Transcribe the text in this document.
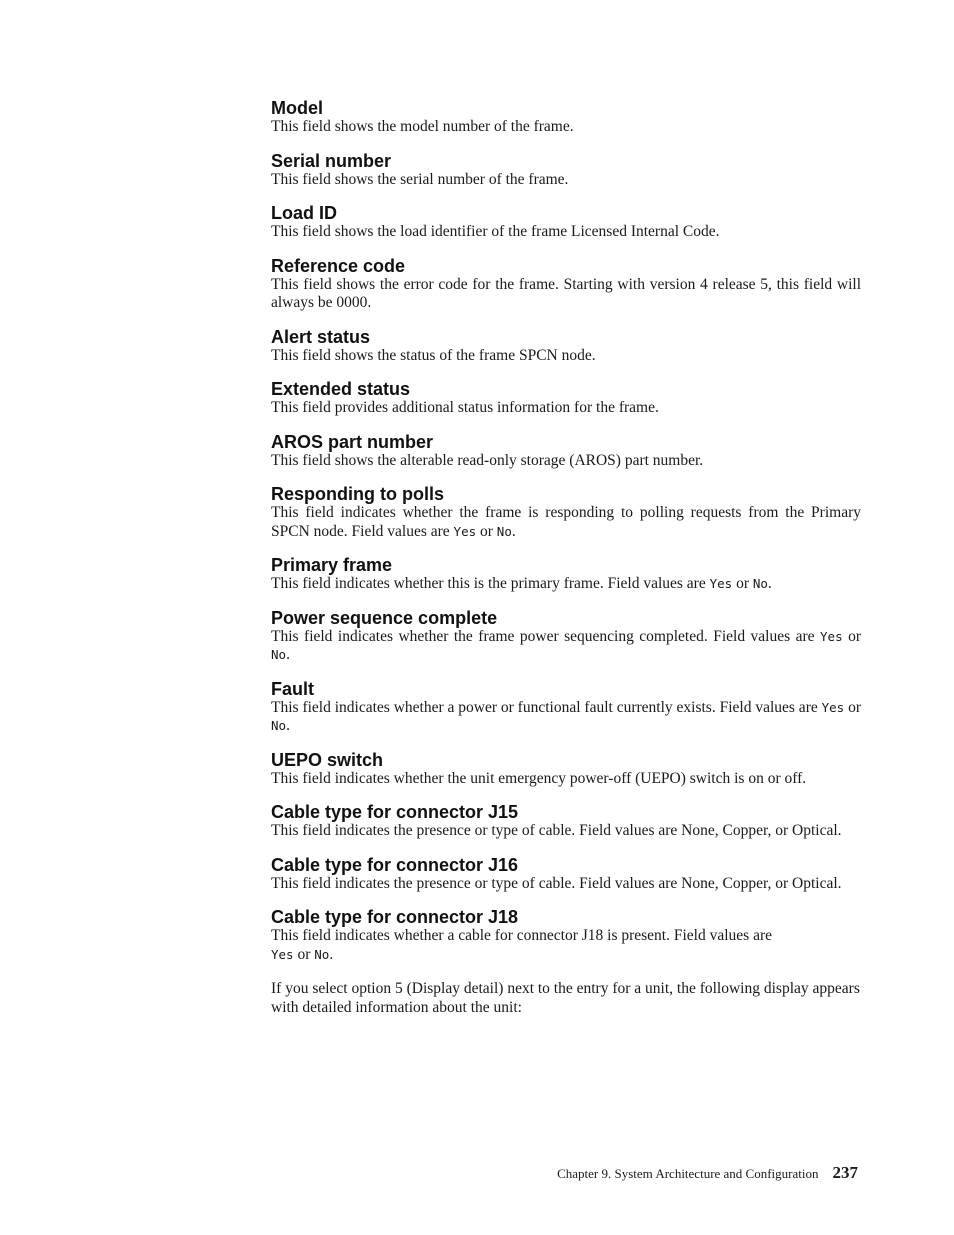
Model

This field shows the model number of the frame.

Serial number

This field shows the serial number of the frame.

Load ID

This field shows the load identifier of the frame Licensed Internal Code.

Reference code

This field shows the error code for the frame. Starting with version 4 release 5, this field will always be 0000.

Alert status

This field shows the status of the frame SPCN node.

Extended status

This field provides additional status information for the frame.

AROS part number

This field shows the alterable read-only storage (AROS) part number.

Responding to polls

This field indicates whether the frame is responding to polling requests from the Primary SPCN node. Field values are Yes or No.

Primary frame

This field indicates whether this is the primary frame. Field values are Yes or No.

Power sequence complete

This field indicates whether the frame power sequencing completed. Field values are Yes or No.

Fault

This field indicates whether a power or functional fault currently exists. Field values are Yes or No.

UEPO switch

This field indicates whether the unit emergency power-off (UEPO) switch is on or off.

Cable type for connector J15

This field indicates the presence or type of cable. Field values are None, Copper, or Optical.

Cable type for connector J16

This field indicates the presence or type of cable. Field values are None, Copper, or Optical.

Cable type for connector J18

This field indicates whether a cable for connector J18 is present. Field values are
Yes or No.

If you select option 5 (Display detail) next to the entry for a unit, the following display appears with detailed information about the unit:

Chapter 9. System Architecture and Configuration 237
